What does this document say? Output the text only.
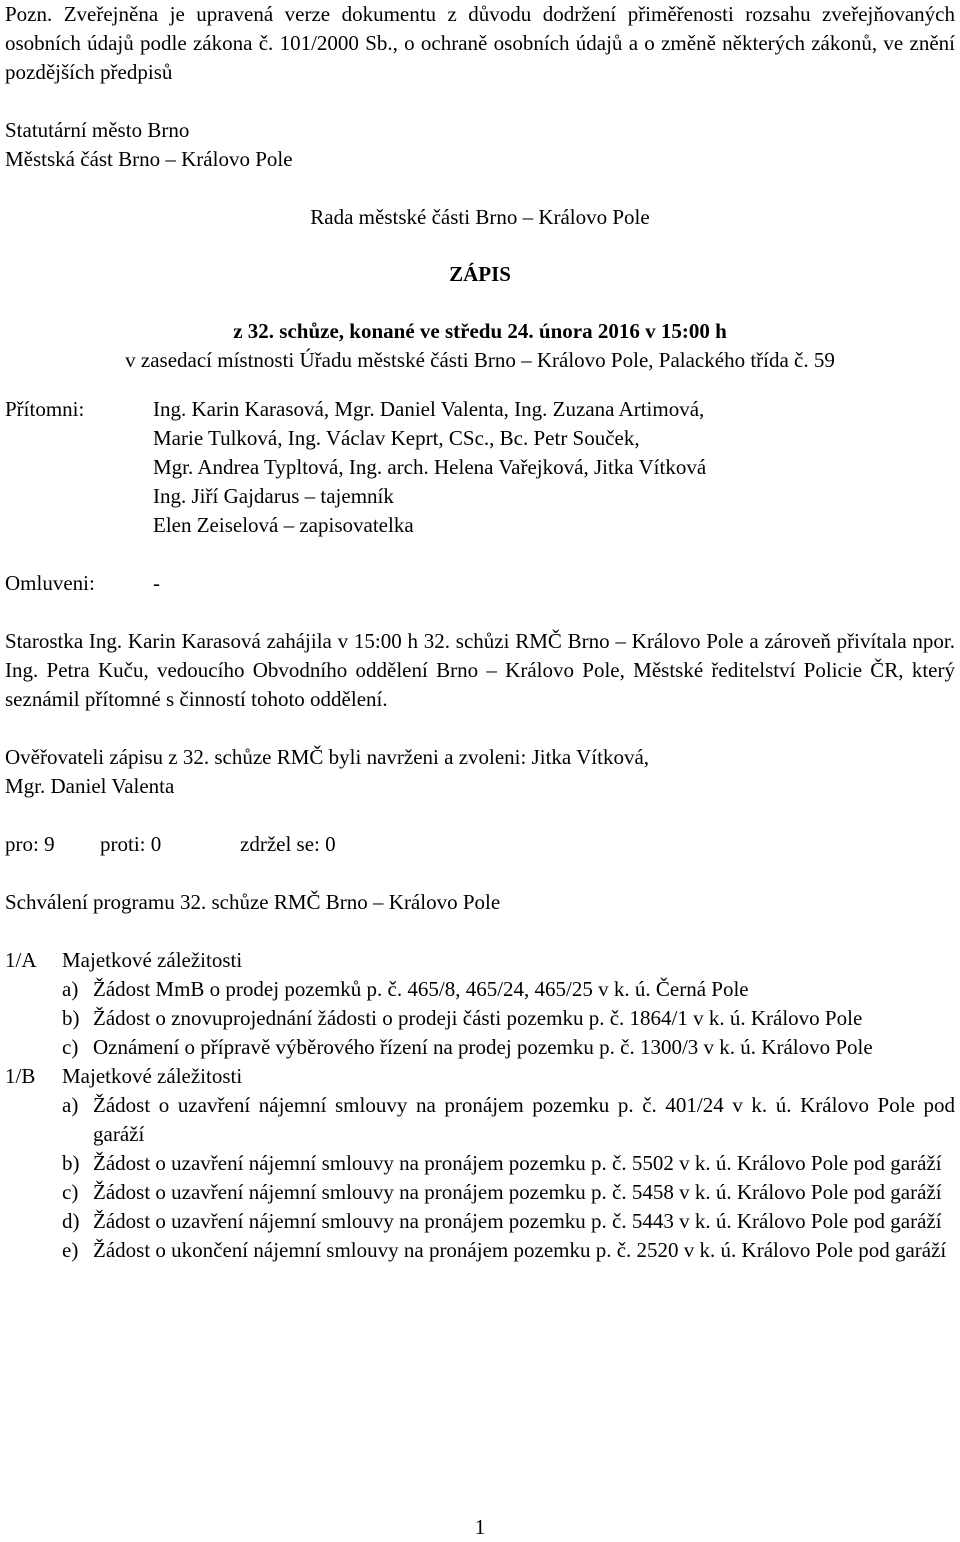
Pozn. Zveřejněna je upravená verze dokumentu z důvodu dodržení přiměřenosti rozsahu zveřejňovaných osobních údajů podle zákona č. 101/2000 Sb., o ochraně osobních údajů a o změně některých zákonů, ve znění pozdějších předpisů

Statutární město Brno
Městská část Brno – Královo Pole
Rada městské části Brno – Královo Pole
ZÁPIS
z 32. schůze, konané ve středu 24. února 2016 v 15:00 h
v zasedací místnosti Úřadu městské části Brno – Královo Pole, Palackého třída č. 59
Přítomni:	Ing. Karin Karasová, Mgr. Daniel Valenta, Ing. Zuzana Artimová,
Marie Tulková, Ing. Václav Keprt, CSc., Bc. Petr Souček,
Mgr. Andrea Typltová, Ing. arch. Helena Vařejková, Jitka Vítková
Ing. Jiří Gajdarus – tajemník
Elen Zeiselová – zapisovatelka
Omluveni:	-

Starostka Ing. Karin Karasová zahájila v 15:00 h 32. schůzi RMČ Brno – Královo Pole a zároveň přivítala npor. Ing. Petra Kuču, vedoucího Obvodního oddělení Brno – Královo Pole, Městské ředitelství Policie ČR, který seznámil přítomné s činností tohoto oddělení.

Ověřovateli zápisu z 32. schůze RMČ byli navrženi a zvoleni: Jitka Vítková,
Mgr. Daniel Valenta
pro: 9 proti: 0	zdržel se: 0
Schválení programu 32. schůze RMČ Brno – Královo Pole
1/A	Majetkové záležitosti
a) Žádost MmB o prodej pozemků p. č. 465/8, 465/24, 465/25 v k. ú. Černá Pole
b) Žádost o znovuprojednání žádosti o prodeji části pozemku p. č. 1864/1 v k. ú. Královo Pole
c) Oznámení o přípravě výběrového řízení na prodej pozemku p. č. 1300/3 v k. ú. Královo Pole
1/B	Majetkové záležitosti
a) Žádost o uzavření nájemní smlouvy na pronájem pozemku p. č. 401/24 v k. ú. Královo Pole pod garáží
b) Žádost o uzavření nájemní smlouvy na pronájem pozemku p. č. 5502 v k. ú. Královo Pole pod garáží
c) Žádost o uzavření nájemní smlouvy na pronájem pozemku p. č. 5458 v k. ú. Královo Pole pod garáží
d) Žádost o uzavření nájemní smlouvy na pronájem pozemku p. č. 5443 v k. ú. Královo Pole pod garáží
e) Žádost o ukončení nájemní smlouvy na pronájem pozemku p. č. 2520 v k. ú. Královo Pole pod garáží
1
